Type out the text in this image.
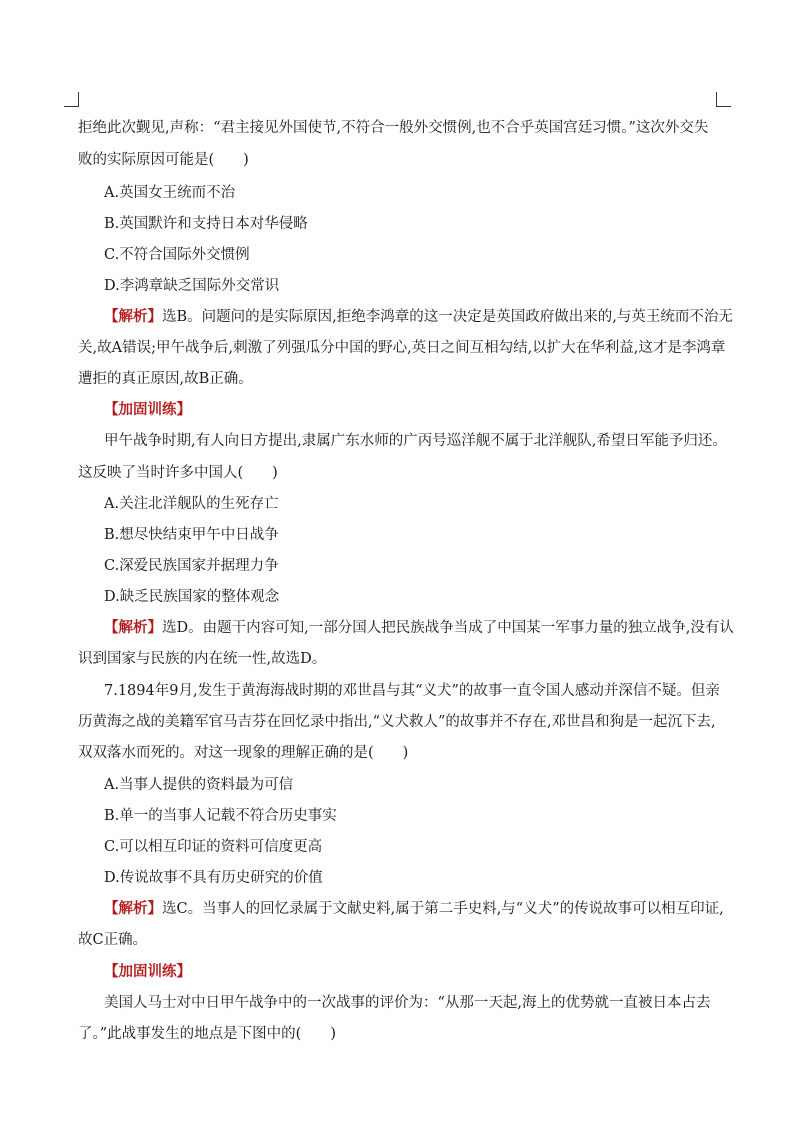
拒绝此次觐见,声称：“君主接见外国使节,不符合一般外交惯例,也不合乎英国宫廷习惯。”这次外交失
败的实际原因可能是(　　)
A.英国女王统而不治
B.英国默许和支持日本对华侵略
C.不符合国际外交惯例
D.李鸿章缺乏国际外交常识
【解析】选B。问题问的是实际原因,拒绝李鸿章的这一决定是英国政府做出来的,与英王统而不治无
关,故A错误;甲午战争后,刺激了列强瓜分中国的野心,英日之间互相勾结,以扩大在华利益,这才是李鸿章
遭拒的真正原因,故B正确。
【加固训练】
甲午战争时期,有人向日方提出,隶属广东水师的广丙号巡洋舰不属于北洋舰队,希望日军能予归还。
这反映了当时许多中国人(　　)
A.关注北洋舰队的生死存亡
B.想尽快结束甲午中日战争
C.深爱民族国家并据理力争
D.缺乏民族国家的整体观念
【解析】选D。由题干内容可知,一部分国人把民族战争当成了中国某一军事力量的独立战争,没有认
识到国家与民族的内在统一性,故选D。
7.1894年9月,发生于黄海海战时期的邓世昌与其“义犬”的故事一直令国人感动并深信不疑。但亲
历黄海之战的美籍军官马吉芬在回忆录中指出,“义犬救人”的故事并不存在,邓世昌和狗是一起沉下去,
双双落水而死的。对这一现象的理解正确的是(　　)
A.当事人提供的资料最为可信
B.单一的当事人记载不符合历史事实
C.可以相互印证的资料可信度更高
D.传说故事不具有历史研究的价值
【解析】选C。当事人的回忆录属于文献史料,属于第二手史料,与“义犬”的传说故事可以相互印证,
故C正确。
【加固训练】
美国人马士对中日甲午战争中的一次战事的评价为：“从那一天起,海上的优势就一直被日本占去
了。”此战事发生的地点是下图中的(　　)
